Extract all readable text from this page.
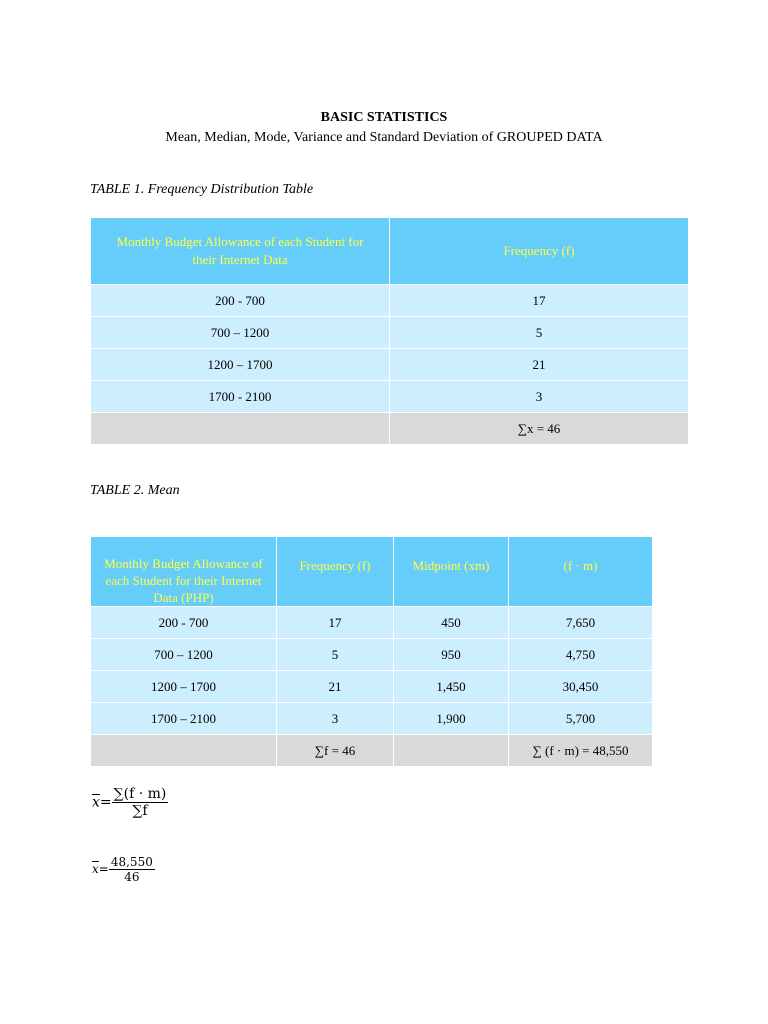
BASIC STATISTICS
Mean, Median, Mode, Variance and Standard Deviation of GROUPED DATA
TABLE 1. Frequency Distribution Table
Monthly Budget Allowance of each Student for their Internet Data	Frequency (f)
200 - 700	17
700 – 1200	5
1200 – 1700	21
1700 - 2100	3
	∑x = 46
TABLE 2. Mean
Monthly Budget Allowance of each Student for their Internet Data (PHP)	Frequency (f)	Midpoint (xm)	(f · m)
200 - 700	17	450	7,650
700 – 1200	5	950	4,750
1200 – 1700	21	1,450	30,450
1700 – 2100	3	1,900	5,700
	∑f = 46		∑ (f · m) = 48,550
$\overline{x}= \frac{\sum(f \cdot m)}{\sum f}$
$\overline{x}= \frac{48,550}{46}$
